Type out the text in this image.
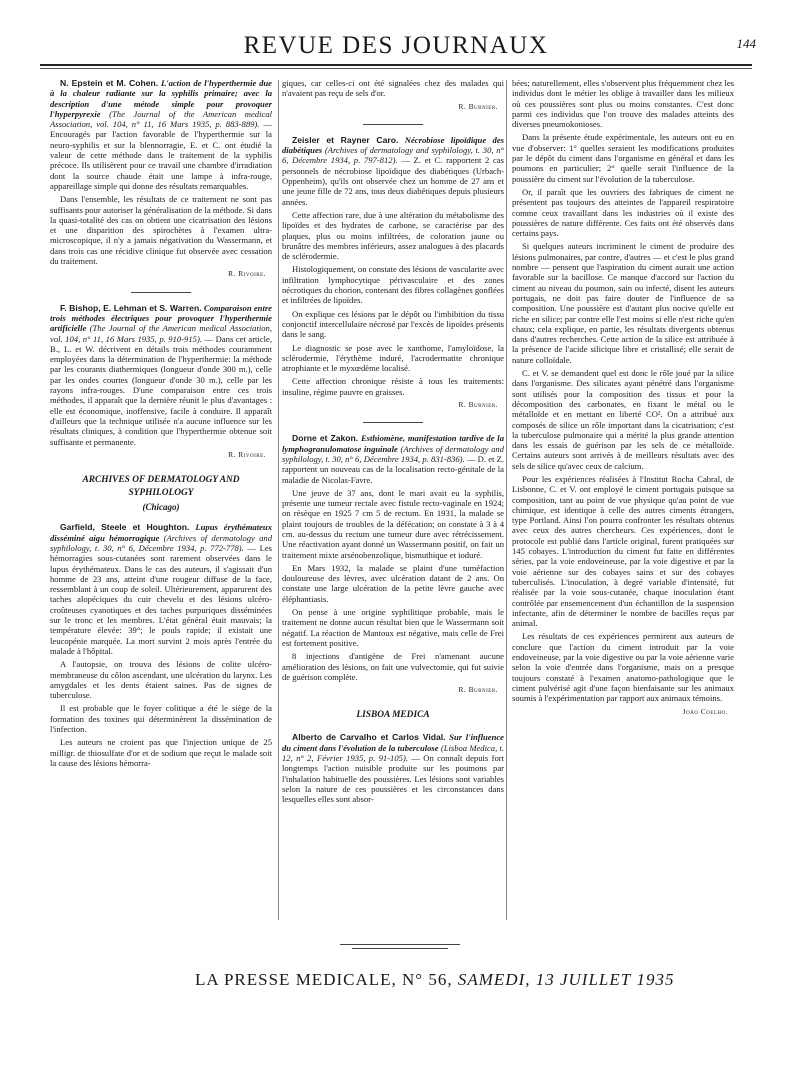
REVUE DES JOURNAUX	144

N. Epstein et M. Cohen. L'action de l'hyperthermie due à la chaleur radiante sur la syphilis primaire; avec la description d'une métode simple pour provoquer l'hyperpyrexie (The Journal of the American medical Association, vol. 104, n° 11, 16 Mars 1935, p. 883-889). — Encouragés par l'action favorable de l'hyperthermie sur la neuro-syphilis et sur la blennorragie, E. et C. ont étudié la valeur de cette méthode dans le traitement de la syphilis précoce. Ils utilisèrent pour ce travail une chambre d'irradiation dont la source chaude était une lampe à infra-rouge, appareillage simple qui donne des résultats remarquables.

Dans l'ensemble, les résultats de ce traitement ne sont pas suffisants pour autoriser la généralisation de la méthode. Si dans la quasi-totalité des cas on obtient une cicatrisation des lésions et une disparition des spirochètes à l'examen ultra-microscopique, il n'y a jamais négativation du Wassermann, et dans trois cas une récidive clinique fut observée avec cessation du traitement.

R. Rivoire.

F. Bishop, E. Lehman et S. Warren. Comparaison entre trois méthodes électriques pour provoquer l'hyperthermie artificielle (The Journal of the American medical Association, vol. 104, n° 11, 16 Mars 1935, p. 910-915). — Dans cet article, B., L. et W. décrivent en détails trois méthodes couramment employées dans la détermination de l'hyperthermie: la méthode par les courants diathermiques (longueur d'onde 300 m.), celle par les ondes courtes (longueur d'onde 30 m.), celle par les rayons infra-rouges. D'une comparaison entre ces trois méthodes, il apparaît que la dernière réunit le plus d'avantages : elle est économique, inoffensive, facile à conduire. Il apparaît d'ailleurs que la technique utilisée n'a aucune influence sur les résultats cliniques, à condition que l'hyperthermie obtenue soit suffisante et permanente.

R. Rivoire.

ARCHIVES OF DERMATOLOGY AND SYPHILOLOGY
(Chicago)

Garfield, Steele et Houghton. Lupus érythémateux disséminé aigu hémorragique (Archives of dermatology and syphilology, t. 30, n° 6, Décembre 1934, p. 772-778). — Les hémorragies sous-cutanées sont rarement observées dans le lupus érythémateux. Dans le cas des auteurs, il s'agissait d'un homme de 23 ans, atteint d'une rougeur diffuse de la face, ressemblant à un coup de soleil. Ultérieurement, apparurent des taches alopéciques du cuir chevelu et des lésions ulcéro-croûteuses cyanotiques et des taches purpuriques disséminées sur le tronc et les membres. L'état général était mauvais; la température élevée: 39°; le pouls rapide; il existait une leucopénie marquée. La mort survint 2 mois après l'entrée du malade à l'hôpital.

A l'autopsie, on trouva des lésions de colite ulcéro-membraneuse du côlon ascendant, une ulcération du larynx. Les amygdales et les dents étaient saines. Pas de signes de tuberculose.

Il est probable que le foyer colitique a été le siège de la formation des toxines qui déterminèrent la dissémination de l'infection.

Les auteurs ne croient pas que l'injection unique de 25 milligr. de thiosulfate d'or et de sodium que reçut le malade soit la cause des lésions hémorra-

giques, car celles-ci ont été signalées chez des malades qui n'avaient pas reçu de sels d'or.

R. Burnier.

Zeisler et Rayner Caro. Nécrobiose lipoïdique des diabétiques (Archives of dermatology and syphilology, t. 30, n° 6, Décembre 1934, p. 797-812). — Z. et C. rapportent 2 cas personnels de nécrobiose lipoïdique des diabétiques (Urbach-Oppenheim), qu'ils ont observée chez un homme de 27 ans et une jeune fille de 72 ans, tous deux diabétiques depuis plusieurs années.

Cette affection rare, due à une altération du métabolisme des lipoïdes et des hydrates de carbone, se caractérise par des plaques, plus ou moins infiltrées, de coloration jaune ou brunâtre des membres inférieurs, assez analogues à des placards de sclérodermie.

Histologiquement, on constate des lésions de vascularite avec infiltration lymphocytique périvasculaire et des zones nécrotiques du chorion, contenant des fibres collagènes gonflées et infiltrées de lipoïdes.

On explique ces lésions par le dépôt ou l'imbibition du tissu conjonctif intercellulaire nécrosé par l'excès de lipoïdes présents dans le sang.

Le diagnostic se pose avec le xanthome, l'amyloïdose, la sclérodermie, l'érythème induré, l'acrodermatite chronique atrophiante et le myxœdème localisé.

Cette affection chronique résiste à tous les traitements: insuline, régime pauvre en graisses.

R. Burnier.

Dorne et Zakon. Esthiomène, manifestation tardive de la lymphogranulomatose inguinale (Archives of dermatology and syphilology, t. 30, n° 6, Décembre 1934, p. 831-836). — D. et Z. rapportent un nouveau cas de la localisation recto-génitale de la maladie de Nicolas-Favre.

Une jeuve de 37 ans, dont le mari avait eu la syphilis, présente une tumeur rectale avec fistule recto-vaginale en 1924; on résèque en 1925 7 cm 5 de rectum. En 1931, la malade se plaint toujours de troubles de la défécation; on constate à 3 à 4 cm. au-dessus du rectum une tumeur dure avec rétrécissement. Une réactivation ayant donné un Wassermann positif, on fait un traitement mixte arsénobenzolique, bismuthique et ioduré.

En Mars 1932, la malade se plaint d'une tuméfaction douloureuse des lèvres, avec ulcération datant de 2 ans. On constate une large ulcération de la petite lèvre gauche avec éléphantiasis.

On pense à une origine syphilitique probable, mais le traitement ne donne aucun résultat bien que le Wassermann soit négatif. La réaction de Mantoux est négative, mais celle de Frei est fortement positive.

8 injections d'antigène de Frei n'amenant aucune amélioration des lésions, on fait une vulvectomie, qui fut suivie de guérison complète.

R. Burnier.

LISBOA MEDICA

Alberto de Carvalho et Carlos Vidal. Sur l'influence du ciment dans l'évolution de la tuberculose (Lisboa Medica, t. 12, n° 2, Février 1935, p. 91-105). — On connaît depuis fort longtemps l'action nuisible produite sur les poumons par l'inhalation habituelle des poussières. Les lésions sont variables selon la nature de ces poussières et les circonstances dans lesquelles elles sont absor-

bées; naturellement, elles s'observent plus fréquemment chez les individus dont le métier les oblige à travailler dans les milieux où ces poussières sont plus ou moins constantes. C'est donc parmi ces individus que l'on trouve des malades atteints des diverses pneumokonioses.

Dans la présente étude expérimentale, les auteurs ont eu en vue d'observer: 1° quelles seraient les modifications produites par le dépôt du ciment dans l'organisme en général et dans les poumons en particulier; 2° quelle serait l'influence de la poussière du ciment sur l'évolution de la tuberculose.

Or, il paraît que les ouvriers des fabriques de ciment ne présentent pas toujours des atteintes de l'appareil respiratoire comme ceux travaillant dans les industries où il existe des poussières de nature différente. Ces faits ont été observés dans certains pays.

Si quelques auteurs incriminent le ciment de produire des lésions pulmonaires, par contre, d'autres — et c'est le plus grand nombre — pensent que l'aspiration du ciment aurait une action favorable sur la bacillose. Ce manque d'accord sur l'action du ciment au niveau du poumon, sain ou infecté, disent les auteurs portugais, ne doit pas faire douter de l'influence de sa composition. Une poussière est d'autant plus nocive qu'elle est riche en silice; par contre elle l'est moins si elle n'est riche qu'en chaux; cela explique, en partie, les résultats divergents obtenus dans d'autres recherches. Cette action de la silice est attribuée à la présence de l'acide silicique libre et cristallisé; elle serait de nature colloïdale.

C. et V. se demandent quel est donc le rôle joué par la silice dans l'organisme. Des silicates ayant pénétré dans l'organisme sont utilisés pour la composition des tissus et pour la décomposition des carbonates, en fixant le métal ou le métalloïde et en mettant en liberté CO². On a attribué aux composés de silice un rôle important dans la cicatrisation; c'est la tuberculose pulmonaire qui a mérité la plus grande attention dans les essais de guérison par les sels de ce métalloïde. Certains auteurs sont arrivés à de meilleurs résultats avec des sels de silice qu'avec ceux de calcium.

Pour les expériences réalisées à l'Institut Rocha Cabral, de Lisbonne, C. et V. ont employé le ciment portugais puisque sa composition, tant au point de vue physique qu'au point de vue chimique, est identique à celle des autres ciments étrangers, type Portland. Ainsi l'on pourra confronter les résultats obtenus avec ceux des autres chercheurs. Ces expériences, dont le protocole est publié dans l'article original, furent pratiquées sur 145 cobayes. L'introduction du ciment fut faite en différentes séries, par la voie endoveineuse, par la voie digestive et par la voie aérienne sur des cobayes sains et sur des cobayes tuberculisés. L'inoculation, à degré variable d'intensité, fut réalisée par la voie sous-cutanée, chaque inoculation étant contrôlée par ensemencement d'un échantillon de la suspension infectante, afin de déterminer le nombre de bacilles reçus par animal.

Les résultats de ces expériences permirent aux auteurs de conclure que l'action du ciment introduit par la voie endoveineuse, par la voie digestive ou par la voie aérienne varie selon la voie d'entrée dans l'organisme, mais on a presque toujours constaté à l'examen anatomo-pathologique que le ciment pulvérisé agit d'une façon bienfaisante sur les animaux soumis à l'expérimentation par rapport aux animaux témoins.

João Coelho.

LA PRESSE MEDICALE, N° 56, SAMEDI, 13 JUILLET 1935
